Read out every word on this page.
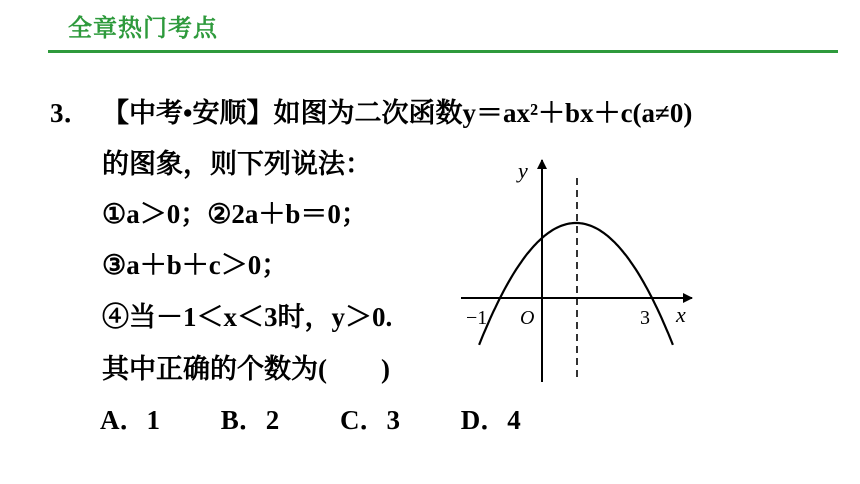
全章热门考点
3． 【中考•安顺】如图为二次函数y＝ax²＋bx＋c(a≠0)
的图象，则下列说法：
①a＞0；②2a＋b＝0；
③a＋b＋c＞0；
④当－1＜x＜3时，y＞0.
其中正确的个数为(　　)
A．1 B．2 C．3 D．4
y
x
O
−1	3
